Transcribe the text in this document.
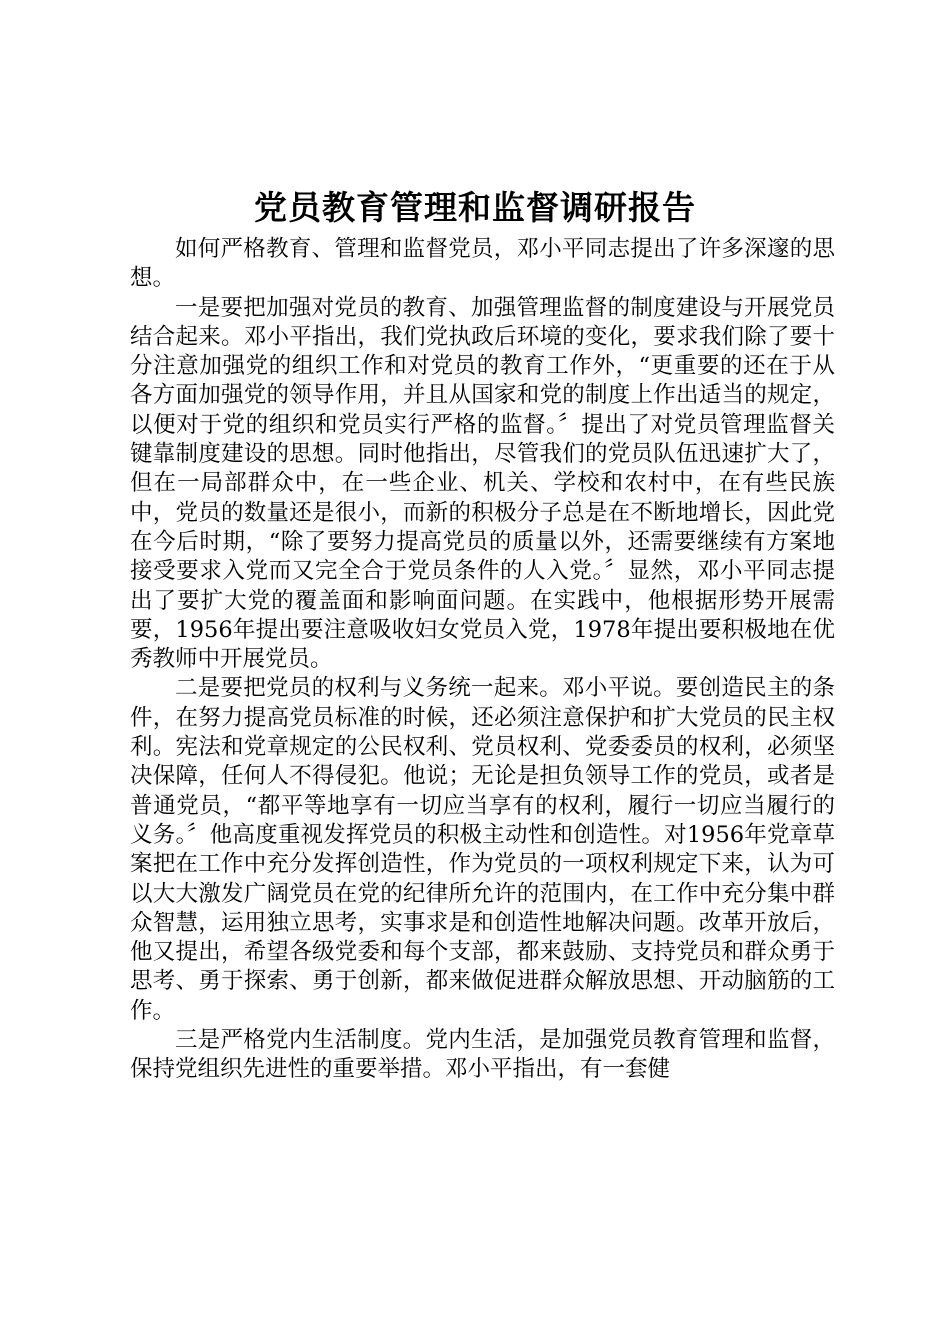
党员教育管理和监督调研报告

如何严格教育、管理和监督党员，邓小平同志提出了许多深邃的思想。

一是要把加强对党员的教育、加强管理监督的制度建设与开展党员结合起来。邓小平指出，我们党执政后环境的变化，要求我们除了要十分注意加强党的组织工作和对党员的教育工作外，“更重要的还在于从各方面加强党的领导作用，并且从国家和党的制度上作出适当的规定，以便对于党的组织和党员实行严格的监督。〞提出了对党员管理监督关键靠制度建设的思想。同时他指出，尽管我们的党员队伍迅速扩大了，但在一局部群众中，在一些企业、机关、学校和农村中，在有些民族中，党员的数量还是很小，而新的积极分子总是在不断地增长，因此党在今后时期，“除了要努力提高党员的质量以外，还需要继续有方案地接受要求入党而又完全合于党员条件的人入党。〞显然，邓小平同志提出了要扩大党的覆盖面和影响面问题。在实践中，他根据形势开展需要，1956年提出要注意吸收妇女党员入党，1978年提出要积极地在优秀教师中开展党员。

二是要把党员的权利与义务统一起来。邓小平说。要创造民主的条件，在努力提高党员标准的时候，还必须注意保护和扩大党员的民主权利。宪法和党章规定的公民权利、党员权利、党委委员的权利，必须坚决保障，任何人不得侵犯。他说；无论是担负领导工作的党员，或者是普通党员，“都平等地享有一切应当享有的权利，履行一切应当履行的义务。〞他高度重视发挥党员的积极主动性和创造性。对1956年党章草案把在工作中充分发挥创造性，作为党员的一项权利规定下来，认为可以大大激发广阔党员在党的纪律所允许的范围内，在工作中充分集中群众智慧，运用独立思考，实事求是和创造性地解决问题。改革开放后，他又提出，希望各级党委和每个支部，都来鼓励、支持党员和群众勇于思考、勇于探索、勇于创新，都来做促进群众解放思想、开动脑筋的工作。

三是严格党内生活制度。党内生活，是加强党员教育管理和监督，保持党组织先进性的重要举措。邓小平指出，有一套健
